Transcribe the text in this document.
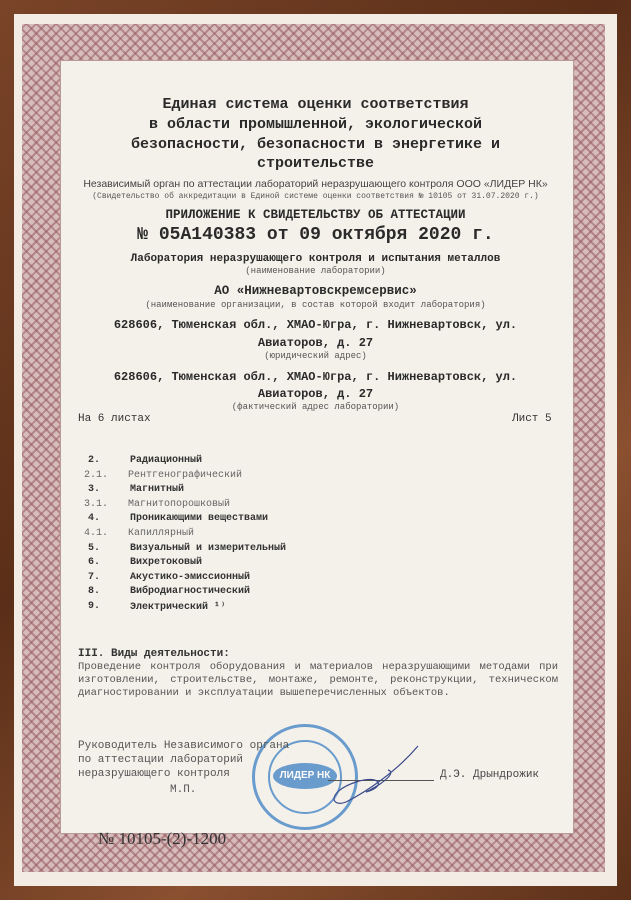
Единая система оценки соответствия
в области промышленной, экологической
безопасности, безопасности в энергетике и
строительстве
Независимый орган по аттестации лабораторий неразрушающего контроля ООО «ЛИДЕР НК»
(Свидетельство об аккредитации в Единой системе оценки соответствия № 10105 от 31.07.2020 г.)
ПРИЛОЖЕНИЕ К СВИДЕТЕЛЬСТВУ ОБ АТТЕСТАЦИИ
№ 05А140383 от 09 октября 2020 г.
Лаборатория неразрушающего контроля и испытания металлов
(наименование лаборатории)
АО «Нижневартовскремсервис»
(наименование организации, в состав которой входит лаборатория)
628606, Тюменская обл., ХМАО-Югра, г. Нижневартовск, ул.
Авиаторов, д. 27
(юридический адрес)
628606, Тюменская обл., ХМАО-Югра, г. Нижневартовск, ул.
Авиаторов, д. 27
(фактический адрес лаборатории)
На 6 листах	Лист 5
2.	Радиационный
2.1. Рентгенографический
3.	Магнитный
3.1. Магнитопорошковый
4.	Проникающими веществами
4.1. Капиллярный
5.	Визуальный и измерительный
6.	Вихретоковый
7.	Акустико-эмиссионный
8.	Вибродиагностический
9.	Электрический ¹⁾
III. Виды деятельности:
Проведение контроля оборудования и материалов неразрушающими методами при изготовлении, строительстве, монтаже, ремонте, реконструкции, техническом диагностировании и эксплуатации вышеперечисленных объектов.
ЛИДЕР НК
Руководитель Независимого органа
по аттестации лабораторий
неразрушающего контроля
М.П.
Д.Э. Дрындрожик
№ 10105-(2)-1200
